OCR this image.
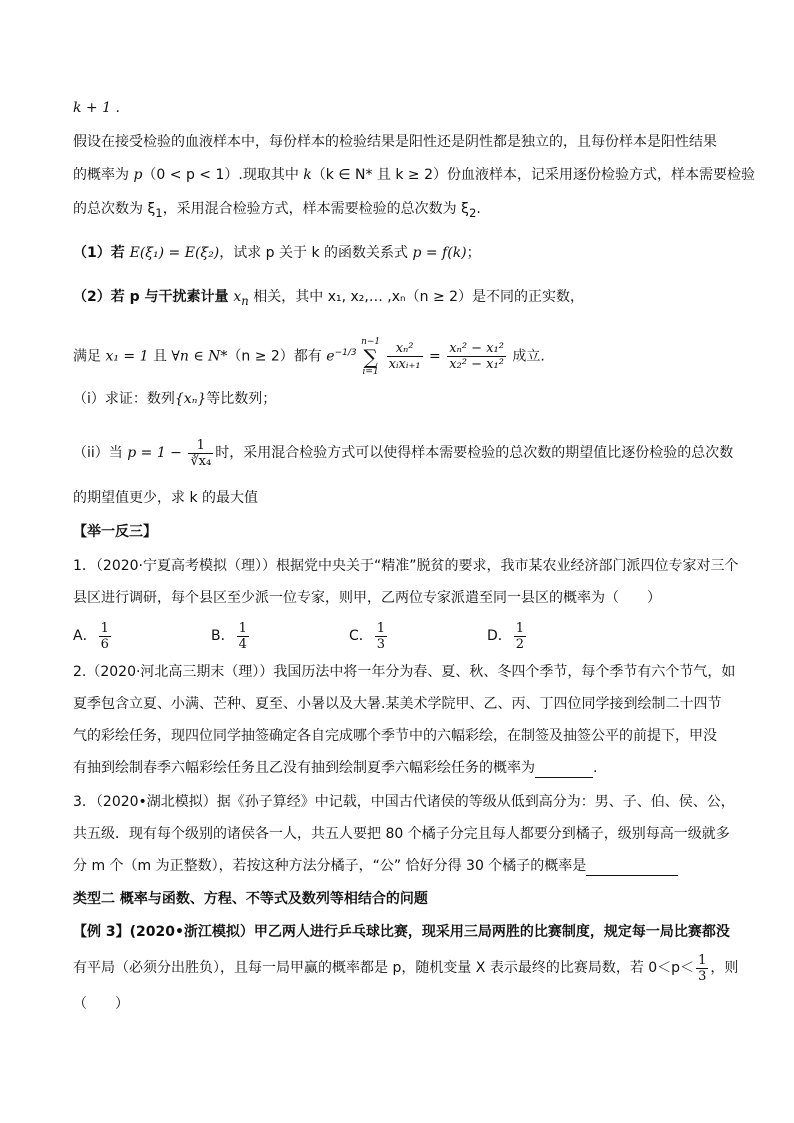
k + 1 .
假设在接受检验的血液样本中，每份样本的检验结果是阳性还是阴性都是独立的，且每份样本是阳性结果
的概率为 p（0 < p < 1）.现取其中 k（k ∈ N* 且 k ≥ 2）份血液样本，记采用逐份检验方式，样本需要检验
的总次数为 $\xi_1$，采用混合检验方式，样本需要检验的总次数为 $\xi_2$.
（1）若 E(ξ₁) = E(ξ₂)，试求 p 关于 k 的函数关系式 p = f(k)；
（2）若 p 与干扰素计量 $x_n$ 相关，其中 x₁, x₂,… ,xₙ（n ≥ 2）是不同的正实数，
满足 x₁ = 1 且 ∀n ∈ N*（n ≥ 2）都有 $e^{-1/3}$
n−1
∑
i=1
$\frac{\text{xₙ²}}{\text{xᵢxᵢ₊₁}} = \frac{\text{xₙ² − x₁²}}{\text{x₂² − x₁²}}$ 成立.
（i）求证：数列{xₙ}等比数列；
（ii）当 $p = 1 - \frac{1}{\text{∛x₄}}$ 时，采用混合检验方式可以使得样本需要检验的总次数的期望值比逐份检验的总次数
的期望值更少，求 k 的最大值
【举一反三】
1．（2020·宁夏高考模拟（理））根据党中央关于“精准”脱贫的要求，我市某农业经济部门派四位专家对三个
县区进行调研，每个县区至少派一位专家，则甲，乙两位专家派遣至同一县区的概率为（　　）
A． $\frac{1}{6}$	B． $\frac{1}{4}$	C． $\frac{1}{3}$	D． $\frac{1}{2}$
2.（2020·河北高三期末（理））我国历法中将一年分为春、夏、秋、冬四个季节，每个季节有六个节气，如
夏季包含立夏、小满、芒种、夏至、小暑以及大暑.某美术学院甲、乙、丙、丁四位同学接到绘制二十四节
气的彩绘任务，现四位同学抽签确定各自完成哪个季节中的六幅彩绘，在制签及抽签公平的前提下，甲没
有抽到绘制春季六幅彩绘任务且乙没有抽到绘制夏季六幅彩绘任务的概率为	.
3．（2020•湖北模拟）据《孙子算经》中记载，中国古代诸侯的等级从低到高分为：男、子、伯、侯、公，
共五级．现有每个级别的诸侯各一人，共五人要把 80 个橘子分完且每人都要分到橘子，级别每高一级就多
分 m 个（m 为正整数），若按这种方法分橘子，“公” 恰好分得 30 个橘子的概率是
类型二 概率与函数、方程、不等式及数列等相结合的问题
【例 3】(2020•浙江模拟）甲乙两人进行乒乓球比赛，现采用三局两胜的比赛制度，规定每一局比赛都没
有平局（必须分出胜负），且每一局甲赢的概率都是 p，随机变量 X 表示最终的比赛局数，若 $0<p< \frac{1}{3}$ ，则
（　　）
